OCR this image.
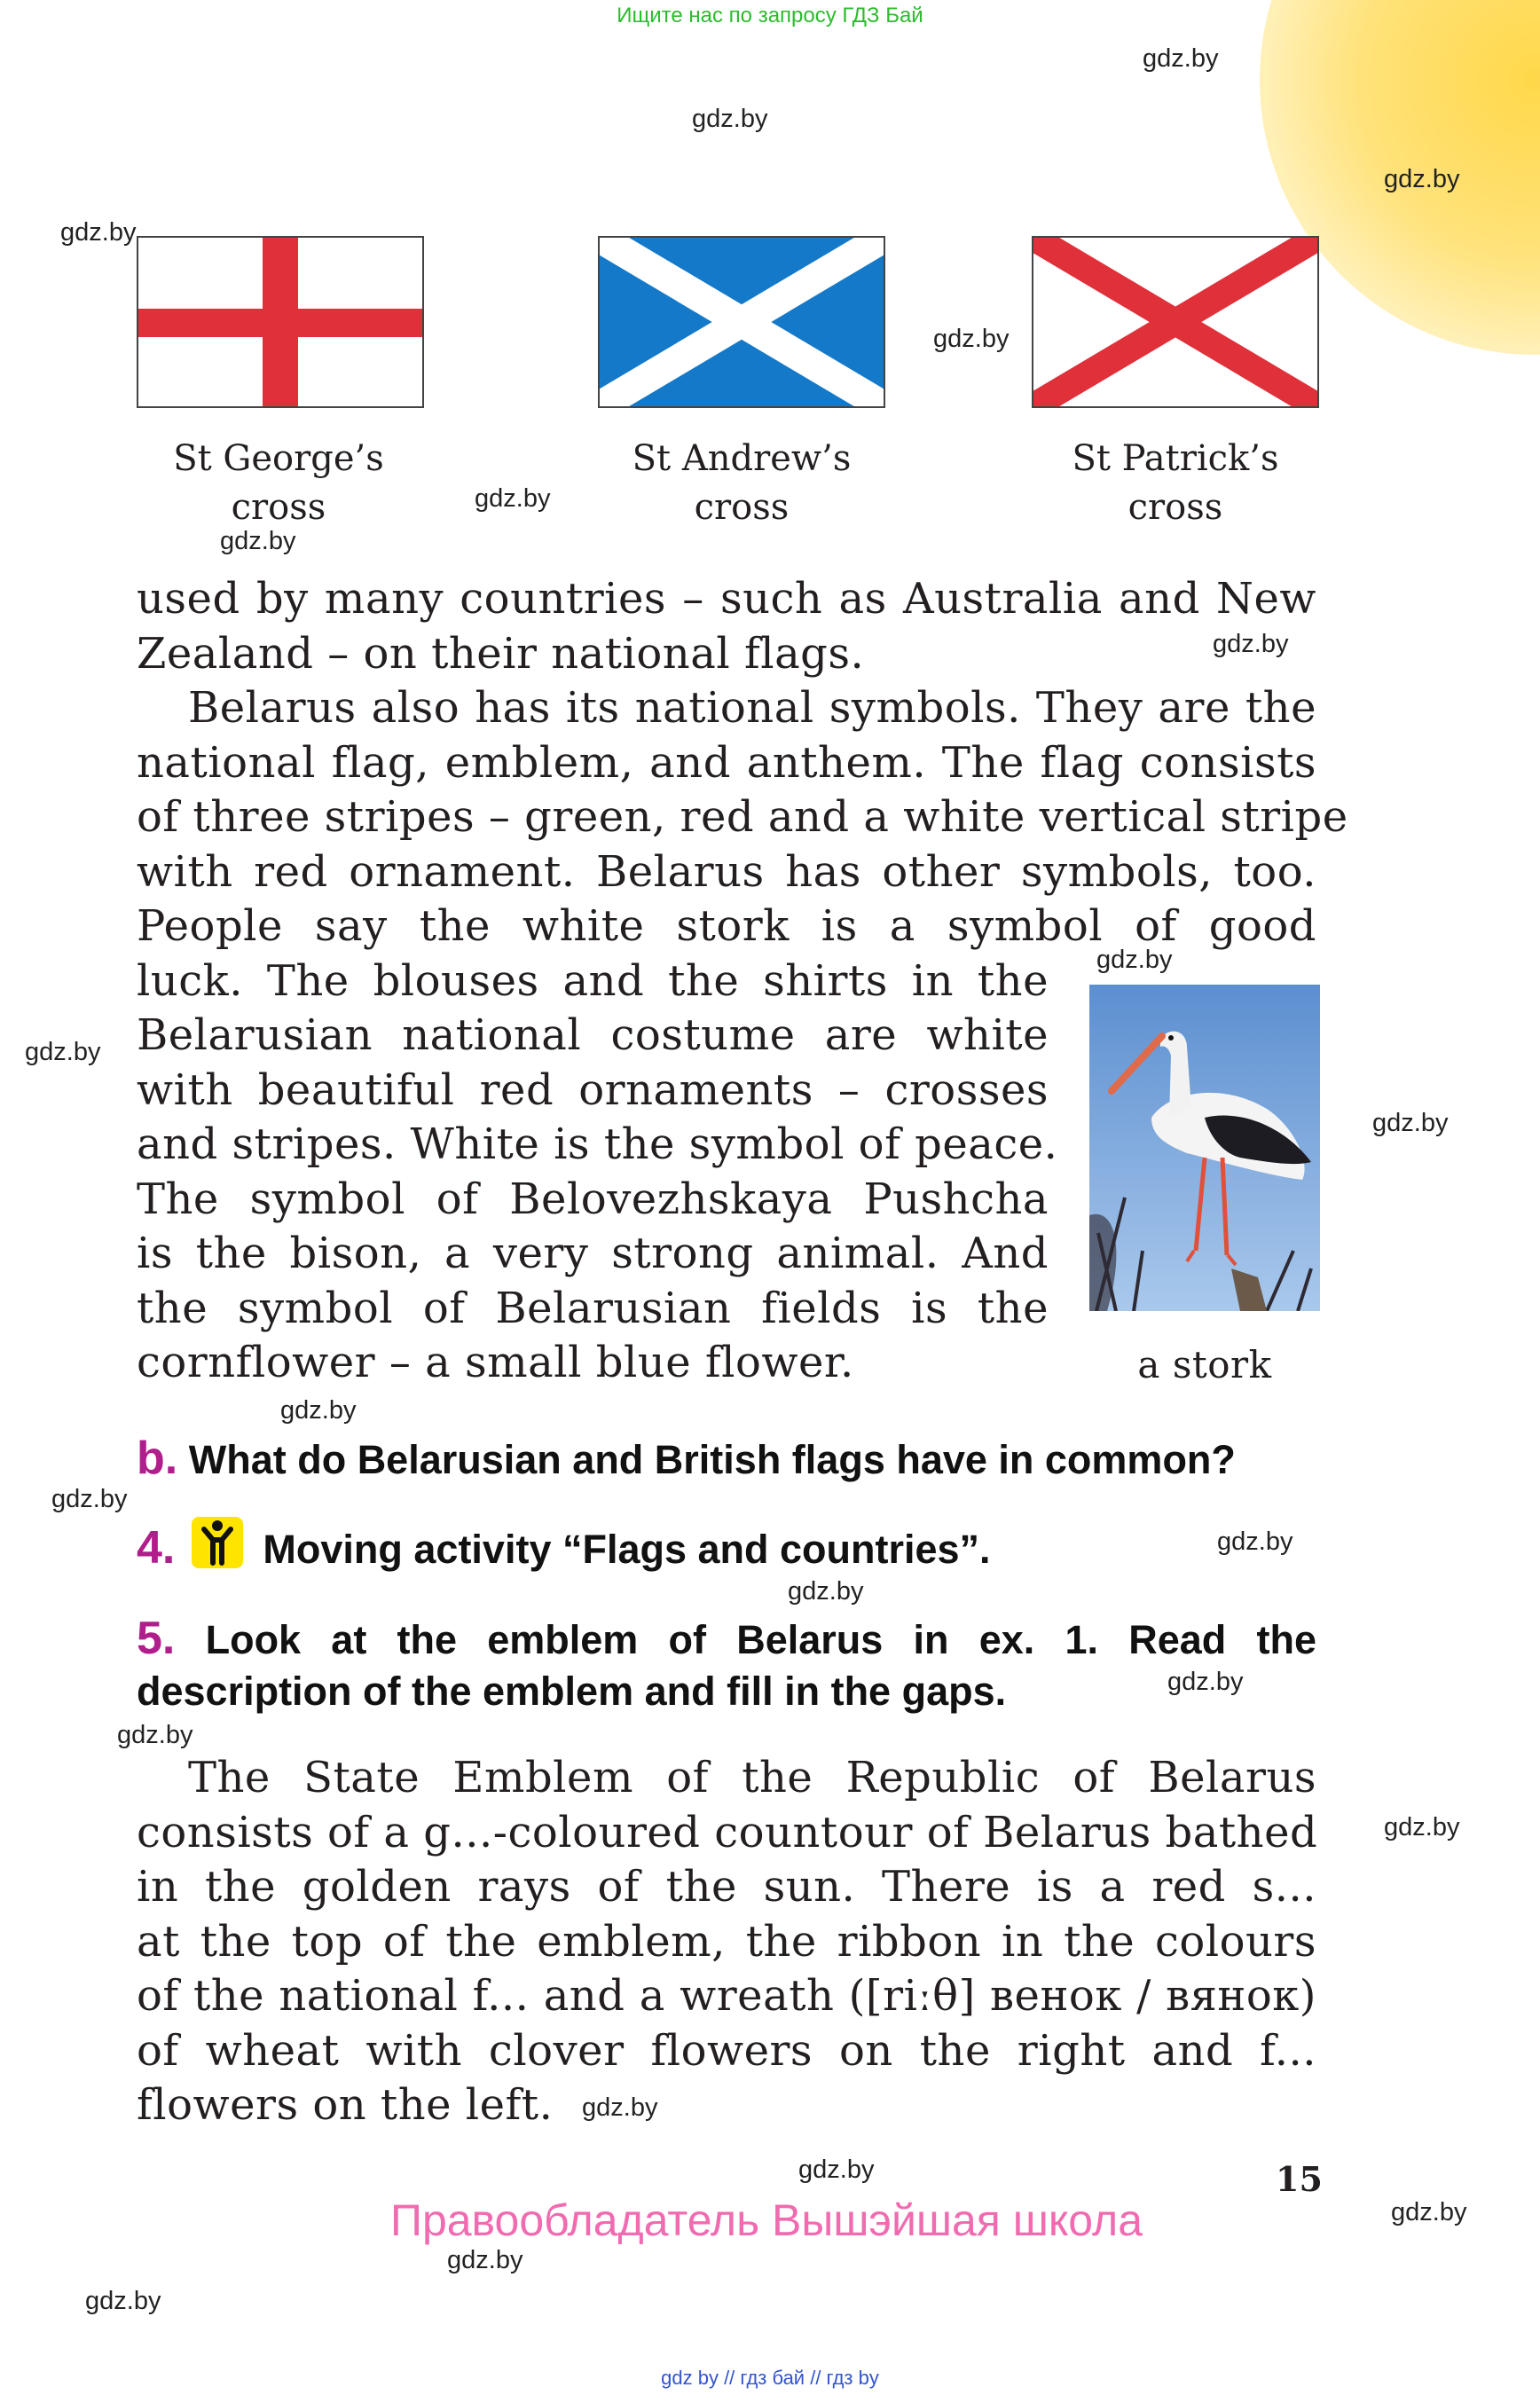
Ищите нас по запросу ГДЗ Бай
gdz.by
gdz.by
gdz.by
gdz.by
gdz.by
gdz.by
gdz.by
gdz.by
gdz.by
gdz.by
gdz.by
gdz.by
gdz.by
gdz.by
gdz.by
gdz.by
gdz.by
gdz.by
gdz.by
gdz.by
gdz.by
gdz.by
gdz.by
St George’s
cross
St Andrew’s
cross
St Patrick’s
cross
used by many countries – such as Australia and New
Zealand – on their national flags.
Belarus also has its national symbols. They are the
national flag, emblem, and anthem. The flag consists
of three stripes – green, red and a white vertical stripe
with red ornament. Belarus has other symbols, too.
People say the white stork is a symbol of good
luck. The blouses and the shirts in the
Belarusian national costume are white
with beautiful red ornaments – crosses
and stripes. White is the symbol of peace.
The symbol of Belovezhskaya Pushcha
is the bison, a very strong animal. And
the symbol of Belarusian fields is the
cornflower – a small blue flower.	a stork
b. What do Belarusian and British flags have in common?
4. Moving activity “Flags and countries”.
5. Look at the emblem of Belarus in ex. 1. Read the
description of the emblem and fill in the gaps.
The State Emblem of the Republic of Belarus
consists of a g...-coloured countour of Belarus bathed
in the golden rays of the sun. There is a red s...
at the top of the emblem, the ribbon in the colours
of the national f... and a wreath ([riːθ] венок / вянок)
of wheat with clover flowers on the right and f...
flowers on the left.
15
Правообладатель Вышэйшая школа
gdz by // гдз бай // гдз by
